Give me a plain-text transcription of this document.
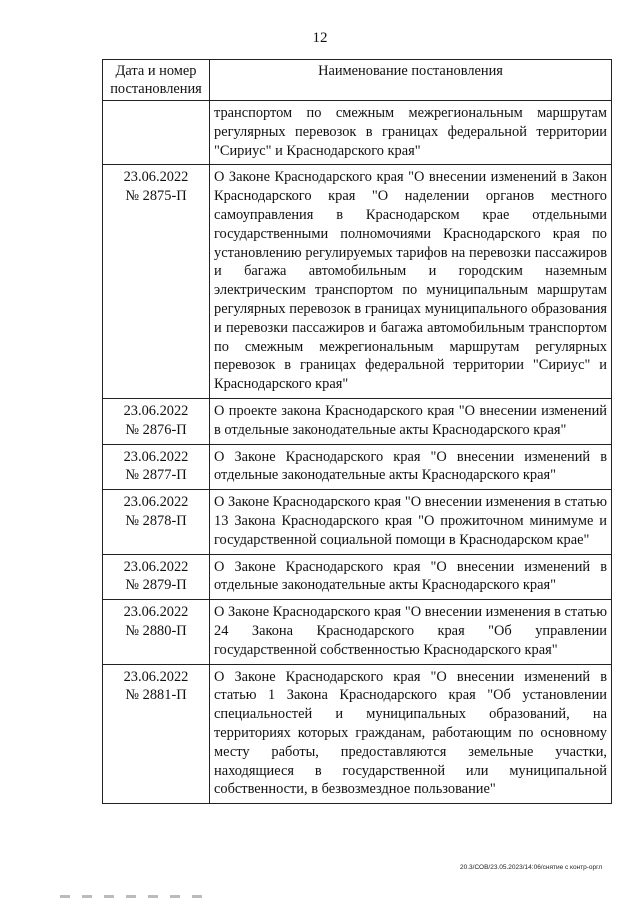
12
Дата и номер постановления	Наименование постановления
	транспортом по смежным межрегиональным маршрутам регулярных перевозок в границах федеральной территории "Сириус" и Краснодарского края"
23.06.2022
№ 2875-П	О Законе Краснодарского края "О внесении изменений в Закон Краснодарского края "О наделении органов местного самоуправления в Краснодарском крае отдельными государственными полномочиями Краснодарского края по установлению регулируемых тарифов на перевозки пассажиров и багажа автомобильным и городским наземным электрическим транспортом по муниципальным маршрутам регулярных перевозок в границах муниципального образования и перевозки пассажиров и багажа автомобильным транспортом по смежным межрегиональным маршрутам регулярных перевозок в границах федеральной территории "Сириус" и Краснодарского края"
23.06.2022
№ 2876-П	О проекте закона Краснодарского края "О внесении изменений в отдельные законодательные акты Краснодарского края"
23.06.2022
№ 2877-П	О Законе Краснодарского края "О внесении изменений в отдельные законодательные акты Краснодарского края"
23.06.2022
№ 2878-П	О Законе Краснодарского края "О внесении изменения в статью 13 Закона Краснодарского края "О прожиточном минимуме и государственной социальной помощи в Краснодарском крае"
23.06.2022
№ 2879-П	О Законе Краснодарского края "О внесении изменений в отдельные законодательные акты Краснодарского края"
23.06.2022
№ 2880-П	О Законе Краснодарского края "О внесении изменения в статью 24 Закона Краснодарского края "Об управлении государственной собственностью Краснодарского края"
23.06.2022
№ 2881-П	О Законе Краснодарского края "О внесении изменений в статью 1 Закона Краснодарского края "Об установлении специальностей и муниципальных образований, на территориях которых гражданам, работающим по основному месту работы, предоставляются земельные участки, находящиеся в государственной или муниципальной собственности, в безвозмездное пользование"
20.3/СОВ/23.05.2023/14:06/снятие с контр-оргл
